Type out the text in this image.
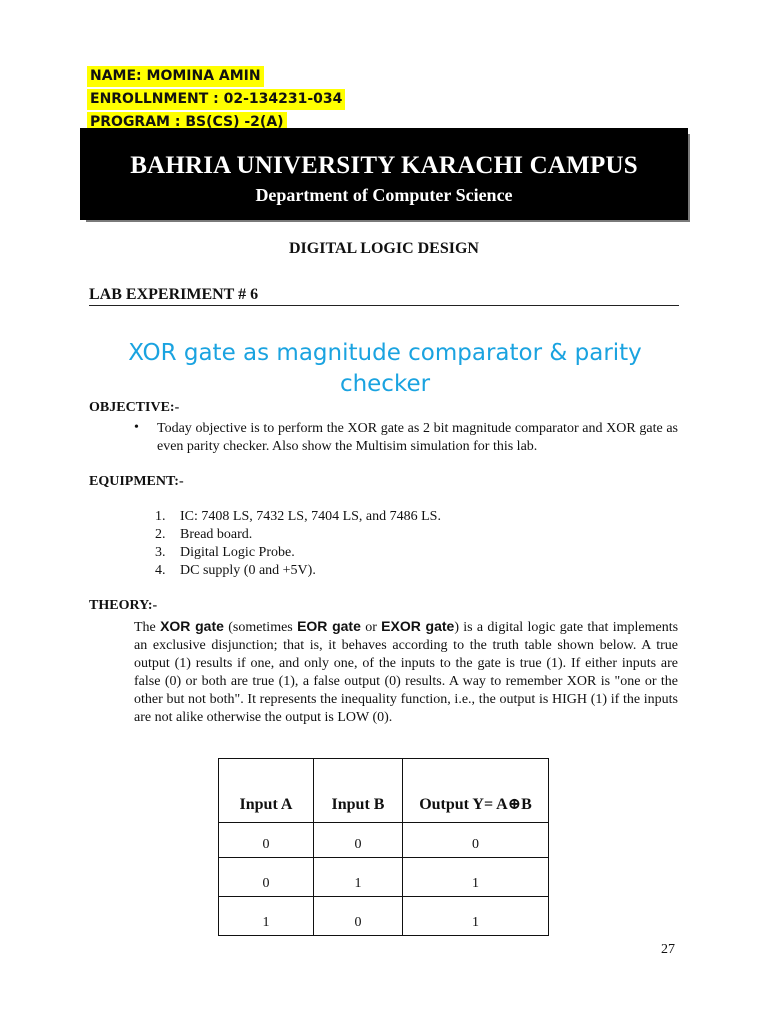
NAME: MOMINA AMIN
ENROLLNMENT : 02-134231-034
PROGRAM : BS(CS) -2(A)
BAHRIA UNIVERSITY KARACHI CAMPUS
Department of Computer Science
DIGITAL LOGIC DESIGN
LAB EXPERIMENT # 6
XOR gate as magnitude comparator & parity
checker
OBJECTIVE:-
• Today objective is to perform the XOR gate as 2 bit magnitude comparator and XOR gate as even parity checker. Also show the Multisim simulation for this lab.
EQUIPMENT:-
1. IC: 7408 LS, 7432 LS, 7404 LS, and 7486 LS.
2. Bread board.
3. Digital Logic Probe.
4. DC supply (0 and +5V).
THEORY:-
The XOR gate (sometimes EOR gate or EXOR gate) is a digital logic gate that implements an exclusive disjunction; that is, it behaves according to the truth table shown below. A true output (1) results if one, and only one, of the inputs to the gate is true (1). If either inputs are false (0) or both are true (1), a false output (0) results. A way to remember XOR is "one or the other but not both". It represents the inequality function, i.e., the output is HIGH (1) if the inputs are not alike otherwise the output is LOW (0).
Input A	Input B	Output Y= A⊕B
0	0	0
0	1	1
1	0	1
27
